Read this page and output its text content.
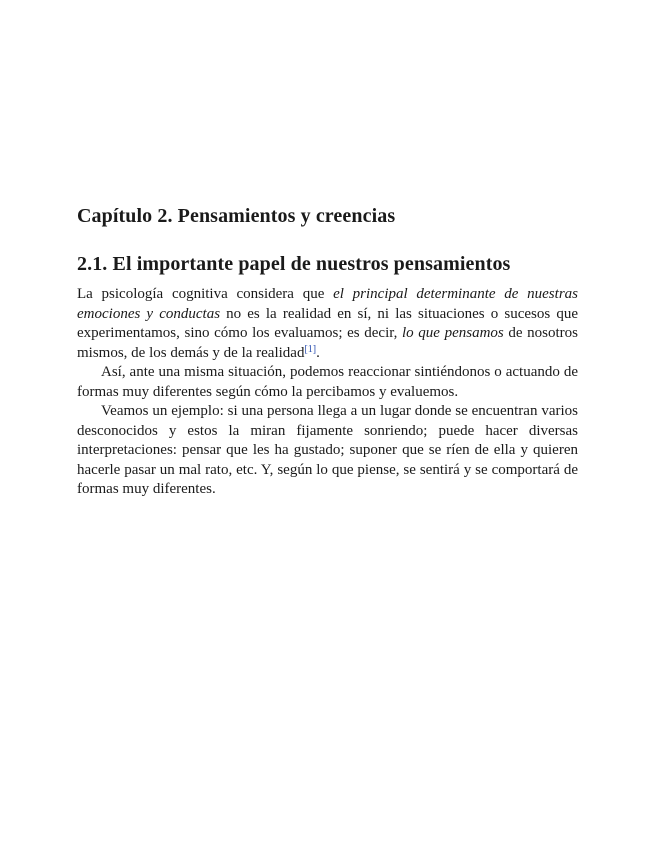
Capítulo 2. Pensamientos y creencias
2.1. El importante papel de nuestros pensamientos

La psicología cognitiva considera que el principal determinante de nuestras emociones y conductas no es la realidad en sí, ni las situaciones o sucesos que experimentamos, sino cómo los evaluamos; es decir, lo que pensamos de nosotros mismos, de los demás y de la realidad[1].

Así, ante una misma situación, podemos reaccionar sintiéndonos o actuando de formas muy diferentes según cómo la percibamos y evaluemos.

Veamos un ejemplo: si una persona llega a un lugar donde se encuentran varios desconocidos y estos la miran fijamente sonriendo; puede hacer diversas interpretaciones: pensar que les ha gustado; suponer que se ríen de ella y quieren hacerle pasar un mal rato, etc. Y, según lo que piense, se sentirá y se comportará de formas muy diferentes.
